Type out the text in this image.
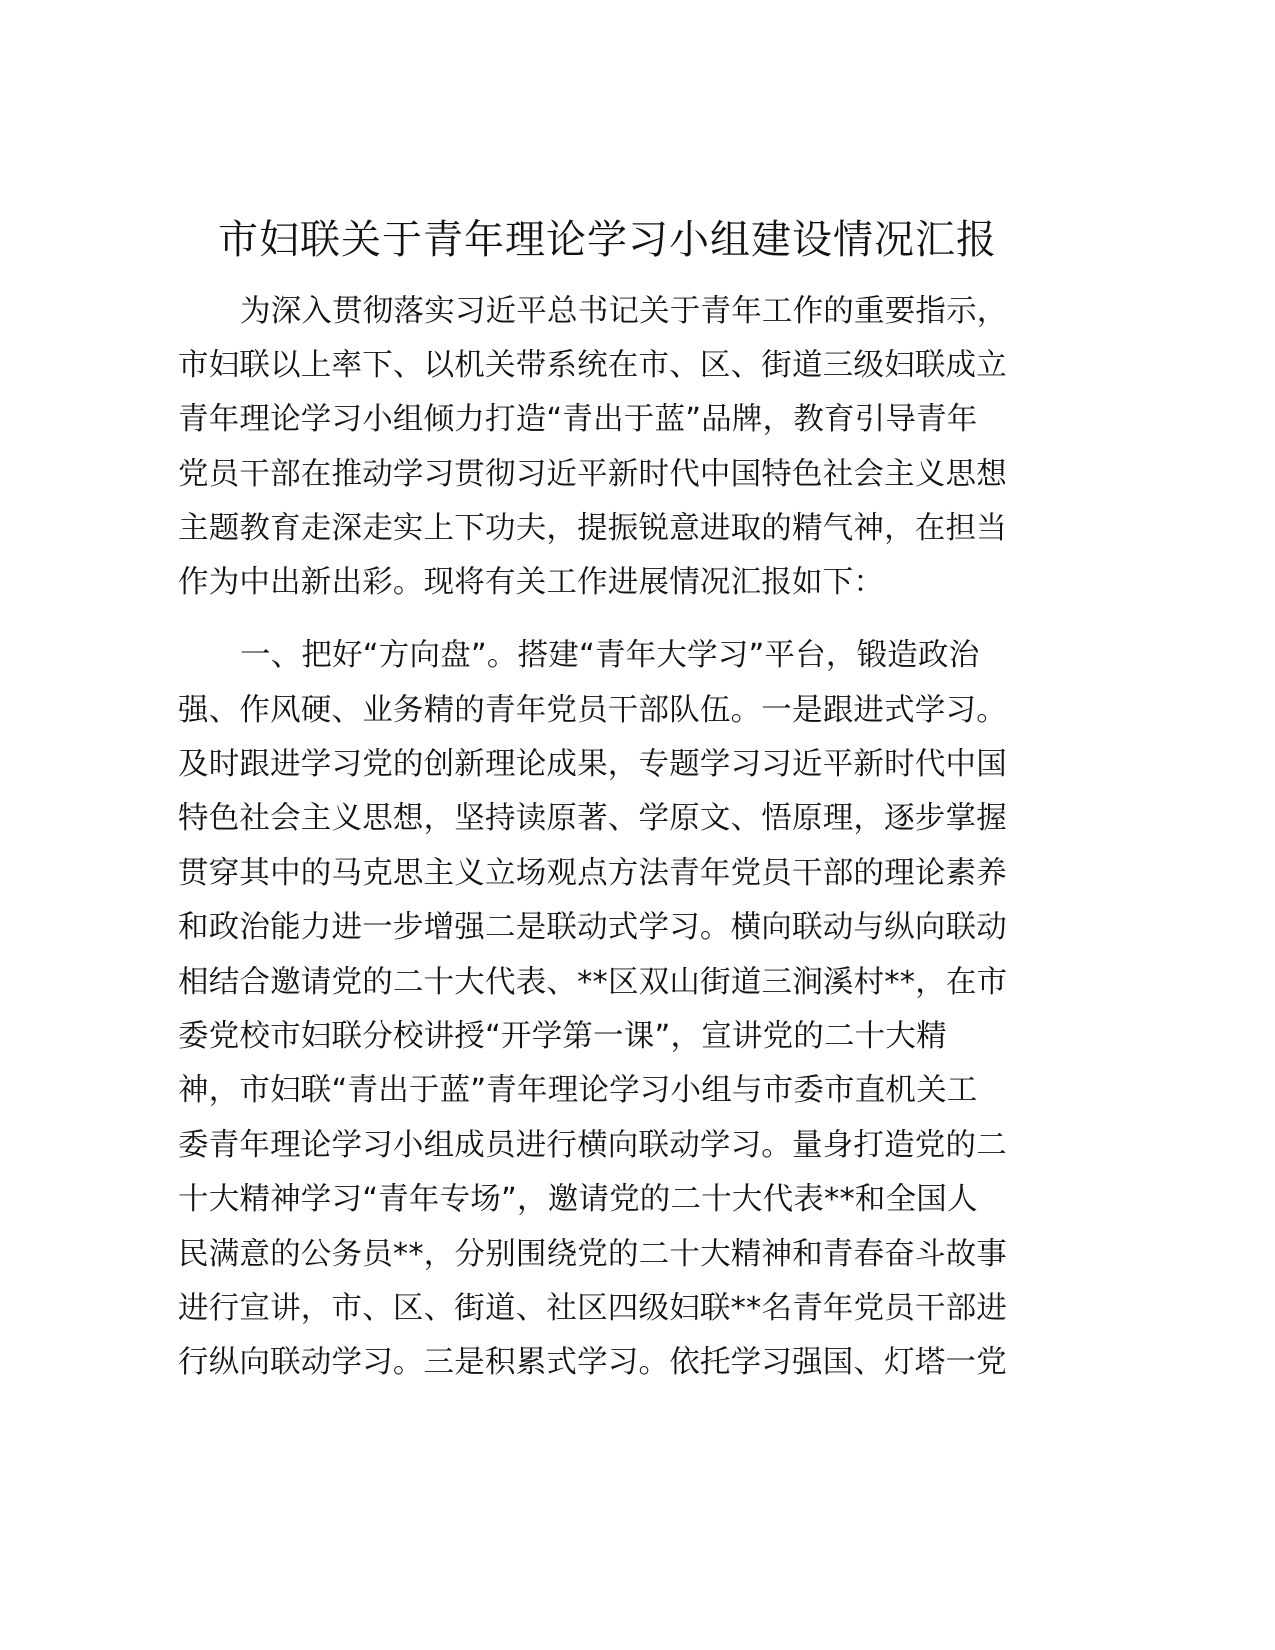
市妇联关于青年理论学习小组建设情况汇报
为深入贯彻落实习近平总书记关于青年工作的重要指示，
市妇联以上率下、以机关带系统在市、区、街道三级妇联成立
青年理论学习小组倾力打造“青出于蓝”品牌，教育引导青年
党员干部在推动学习贯彻习近平新时代中国特色社会主义思想
主题教育走深走实上下功夫，提振锐意进取的精气神，在担当
作为中出新出彩。现将有关工作进展情况汇报如下：
一、把好“方向盘”。搭建“青年大学习”平台，锻造政治
强、作风硬、业务精的青年党员干部队伍。一是跟进式学习。
及时跟进学习党的创新理论成果，专题学习习近平新时代中国
特色社会主义思想，坚持读原著、学原文、悟原理，逐步掌握
贯穿其中的马克思主义立场观点方法青年党员干部的理论素养
和政治能力进一步增强二是联动式学习。横向联动与纵向联动
相结合邀请党的二十大代表、**区双山街道三涧溪村**，在市
委党校市妇联分校讲授“开学第一课”，宣讲党的二十大精
神，市妇联“青出于蓝”青年理论学习小组与市委市直机关工
委青年理论学习小组成员进行横向联动学习。量身打造党的二
十大精神学习“青年专场”，邀请党的二十大代表**和全国人
民满意的公务员**，分别围绕党的二十大精神和青春奋斗故事
进行宣讲，市、区、街道、社区四级妇联**名青年党员干部进
行纵向联动学习。三是积累式学习。依托学习强国、灯塔一党
